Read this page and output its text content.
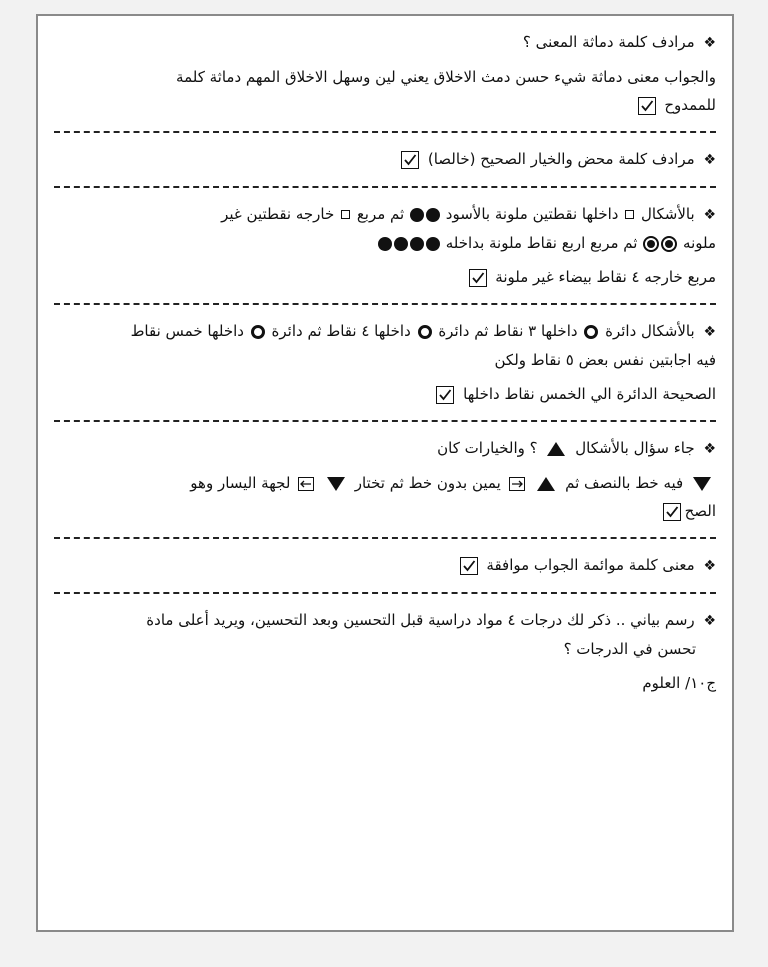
❖ مرادف كلمة دماثة المعنى ؟
والجواب معنى دماثة شيء حسن دمث الاخلاق يعني لين وسهل الاخلاق المهم دماثة كلمة
للممدوح
❖ مرادف كلمة محض والخيار الصحيح (خالصا)
❖ بالأشكال  داخلها نقطتين ملونة بالأسود  ثم مربع  خارجه نقطتين غير
ملونه  ثم مربع اربع نقاط ملونة بداخله
مربع خارجه ٤ نقاط بيضاء غير ملونة
❖ بالأشكال دائرة  داخلها ٣ نقاط ثم دائرة  داخلها ٤ نقاط ثم دائرة  داخلها خمس نقاط
فيه اجابتين نفس بعض ٥ نقاط ولكن
الصحيحة الدائرة الي الخمس نقاط داخلها
❖ جاء سؤال بالأشكال  ؟ والخيارات كان
فيه خط بالنصف ثم
يمين بدون خط ثم تختار
لجهة اليسار وهو
الصح
❖ معنى كلمة موائمة الجواب موافقة
❖ رسم بياني .. ذكر لك درجات ٤ مواد دراسية قبل التحسين وبعد التحسين، ويريد أعلى مادة
تحسن في الدرجات ؟
ج١٠/ العلوم
